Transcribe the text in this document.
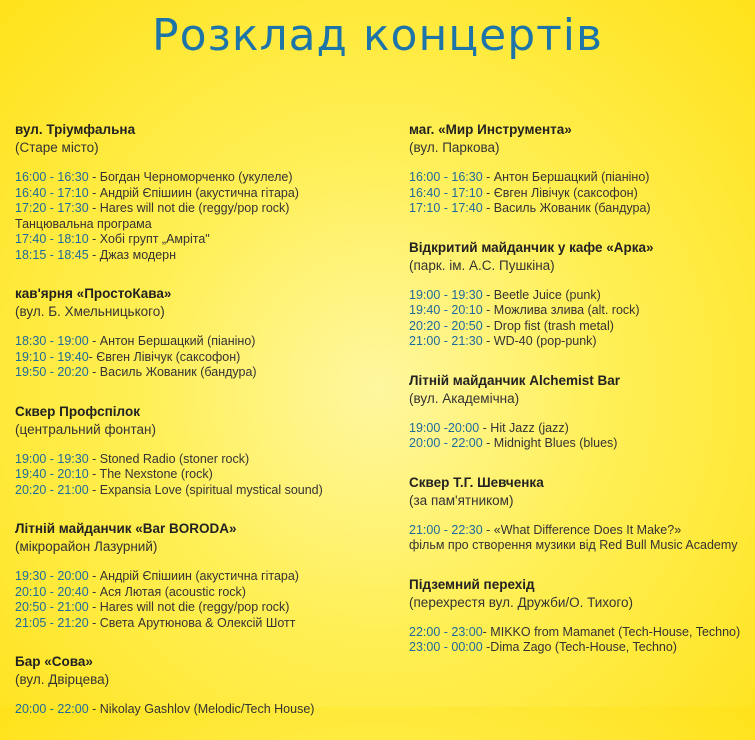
Розклад концертів
вул. Тріумфальна
(Старе місто)
16:00 - 16:30 - Богдан Черноморченко (укулеле)
16:40 - 17:10 - Андрій Єпішиин (акустична гітара)
17:20 - 17:30 - Hares will not die (reggy/pop rock)
Танцювальна програма
17:40 - 18:10 - Хобі групт „Амріта"
18:15 - 18:45 - Джаз модерн
кав'ярня «ПростоКава»
(вул. Б. Хмельницького)
18:30 - 19:00 - Антон Бершацкий (піаніно)
19:10 - 19:40- Євген Лівічук (саксофон)
19:50 - 20:20 - Василь Жованик (бандура)
Сквер Профспілок
(центральний фонтан)
19:00 - 19:30 - Stoned Radio (stoner rock)
19:40 - 20:10 - The Nexstone (rock)
20:20 - 21:00 - Expansia Love (spiritual mystical sound)
Літній майданчик «Bar BORODA»
(мікрорайон Лазурний)
19:30 - 20:00 - Андрій Єпішиин (акустична гітара)
20:10 - 20:40 - Ася Лютая (acoustic rock)
20:50 - 21:00 - Hares will not die (reggy/pop rock)
21:05 - 21:20 - Света Арутюнова & Олексій Шотт
Бар «Сова»
(вул. Двірцева)
20:00 - 22:00 - Nikolay Gashlov (Melodic/Tech House)
маг. «Мир Инструмента»
(вул. Паркова)
16:00 - 16:30 - Антон Бершацкий (піаніно)
16:40 - 17:10 - Євген Лівічук (саксофон)
17:10 - 17:40 - Василь Жованик (бандура)
Відкритий майданчик у кафе «Арка»
(парк. ім. А.С. Пушкіна)
19:00 - 19:30 - Beetle Juice (punk)
19:40 - 20:10 - Можлива злива (alt. rock)
20:20 - 20:50 - Drop fist (trash metal)
21:00 - 21:30 - WD-40 (pop-punk)
Літній майданчик Alchemist Bar
(вул. Академічна)
19:00 -20:00 - Hit Jazz (jazz)
20:00 - 22:00 - Midnight Blues (blues)
Сквер Т.Г. Шевченка
(за пам'ятником)
21:00 - 22:30 - «What Difference Does It Make?»
фільм про створення музики від Red Bull Music Academy
Підземний перехід
(перехрестя вул. Дружби/О. Тихого)
22:00 - 23:00- MIKKO from Mamanet (Tech-House, Techno)
23:00 - 00:00 -Dima Zago (Tech-House, Techno)
